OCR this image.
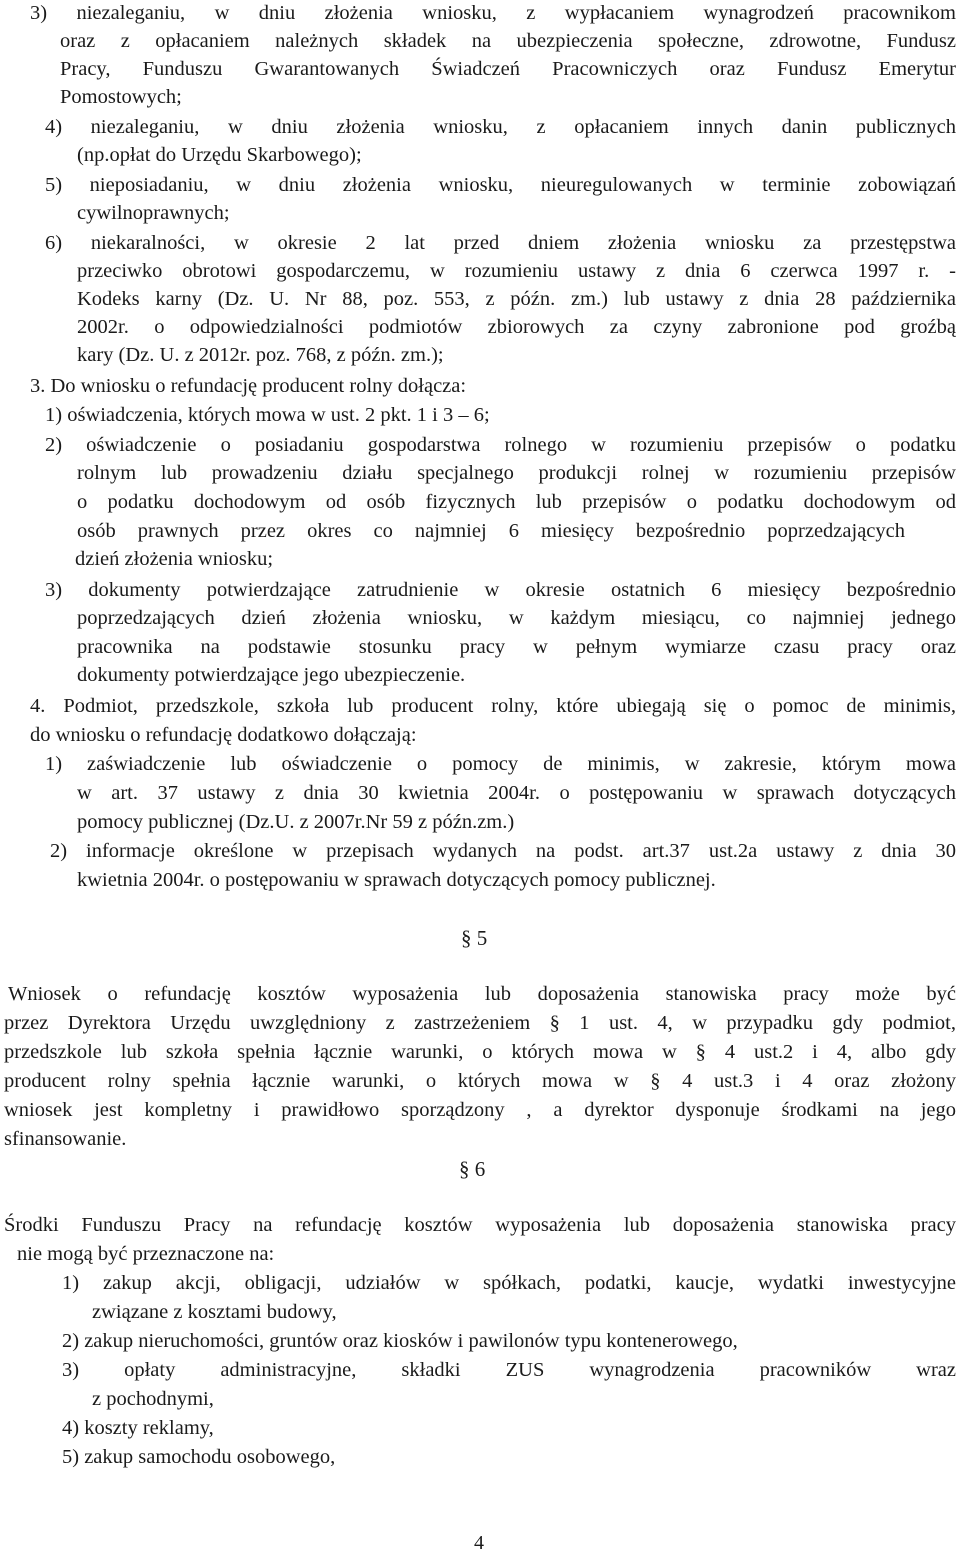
3) niezaleganiu, w dniu złożenia wniosku, z wypłacaniem wynagrodzeń pracownikom
oraz z opłacaniem należnych składek na ubezpieczenia społeczne, zdrowotne, Fundusz
Pracy, Funduszu Gwarantowanych Świadczeń Pracowniczych oraz Fundusz Emerytur
Pomostowych;
4) niezaleganiu, w dniu złożenia wniosku, z opłacaniem innych danin publicznych
(np.opłat do Urzędu Skarbowego);
5) nieposiadaniu, w dniu złożenia wniosku, nieuregulowanych w terminie zobowiązań
cywilnoprawnych;
6) niekaralności, w okresie 2 lat przed dniem złożenia wniosku za przestępstwa
przeciwko obrotowi gospodarczemu, w rozumieniu ustawy z dnia 6 czerwca 1997 r. -
Kodeks karny (Dz. U. Nr 88, poz. 553, z późn. zm.) lub ustawy z dnia 28 października
2002r. o odpowiedzialności podmiotów zbiorowych za czyny zabronione pod groźbą
kary (Dz. U. z 2012r. poz. 768, z późn. zm.);
3. Do wniosku o refundację producent rolny dołącza:
1) oświadczenia, których mowa w ust. 2 pkt. 1 i 3 – 6;
2) oświadczenie o posiadaniu gospodarstwa rolnego w rozumieniu przepisów o podatku
rolnym lub prowadzeniu działu specjalnego produkcji rolnej w rozumieniu przepisów
o podatku dochodowym od osób fizycznych lub przepisów o podatku dochodowym od
osób prawnych przez okres co najmniej 6 miesięcy bezpośrednio poprzedzających
dzień złożenia wniosku;
3) dokumenty potwierdzające zatrudnienie w okresie ostatnich 6 miesięcy bezpośrednio
poprzedzających dzień złożenia wniosku, w każdym miesiącu, co najmniej jednego
pracownika na podstawie stosunku pracy w pełnym wymiarze czasu pracy oraz
dokumenty potwierdzające jego ubezpieczenie.
4. Podmiot, przedszkole, szkoła lub producent rolny, które ubiegają się o pomoc de minimis,
do wniosku o refundację dodatkowo dołączają:
1) zaświadczenie lub oświadczenie o pomocy de minimis, w zakresie, którym mowa
w art. 37 ustawy z dnia 30 kwietnia 2004r. o postępowaniu w sprawach dotyczących
pomocy publicznej (Dz.U. z 2007r.Nr 59 z późn.zm.)
2) informacje określone w przepisach wydanych na podst. art.37 ust.2a ustawy z dnia 30
kwietnia 2004r. o postępowaniu w sprawach dotyczących pomocy publicznej.
§ 5
Wniosek o refundację kosztów wyposażenia lub doposażenia stanowiska pracy może być
przez Dyrektora Urzędu uwzględniony z zastrzeżeniem § 1 ust. 4, w przypadku gdy podmiot,
przedszkole lub szkoła spełnia łącznie warunki, o których mowa w § 4 ust.2 i 4, albo gdy
producent rolny spełnia łącznie warunki, o których mowa w § 4 ust.3 i 4 oraz złożony
wniosek jest kompletny i prawidłowo sporządzony , a dyrektor dysponuje środkami na jego
sfinansowanie.
§ 6
Środki Funduszu Pracy na refundację kosztów wyposażenia lub doposażenia stanowiska pracy
nie mogą być przeznaczone na:
1) zakup akcji, obligacji, udziałów w spółkach, podatki, kaucje, wydatki inwestycyjne
związane z kosztami budowy,
2) zakup nieruchomości, gruntów oraz kiosków i pawilonów typu kontenerowego,
3) opłaty administracyjne, składki ZUS wynagrodzenia pracowników wraz
z pochodnymi,
4) koszty reklamy,
5) zakup samochodu osobowego,
4
